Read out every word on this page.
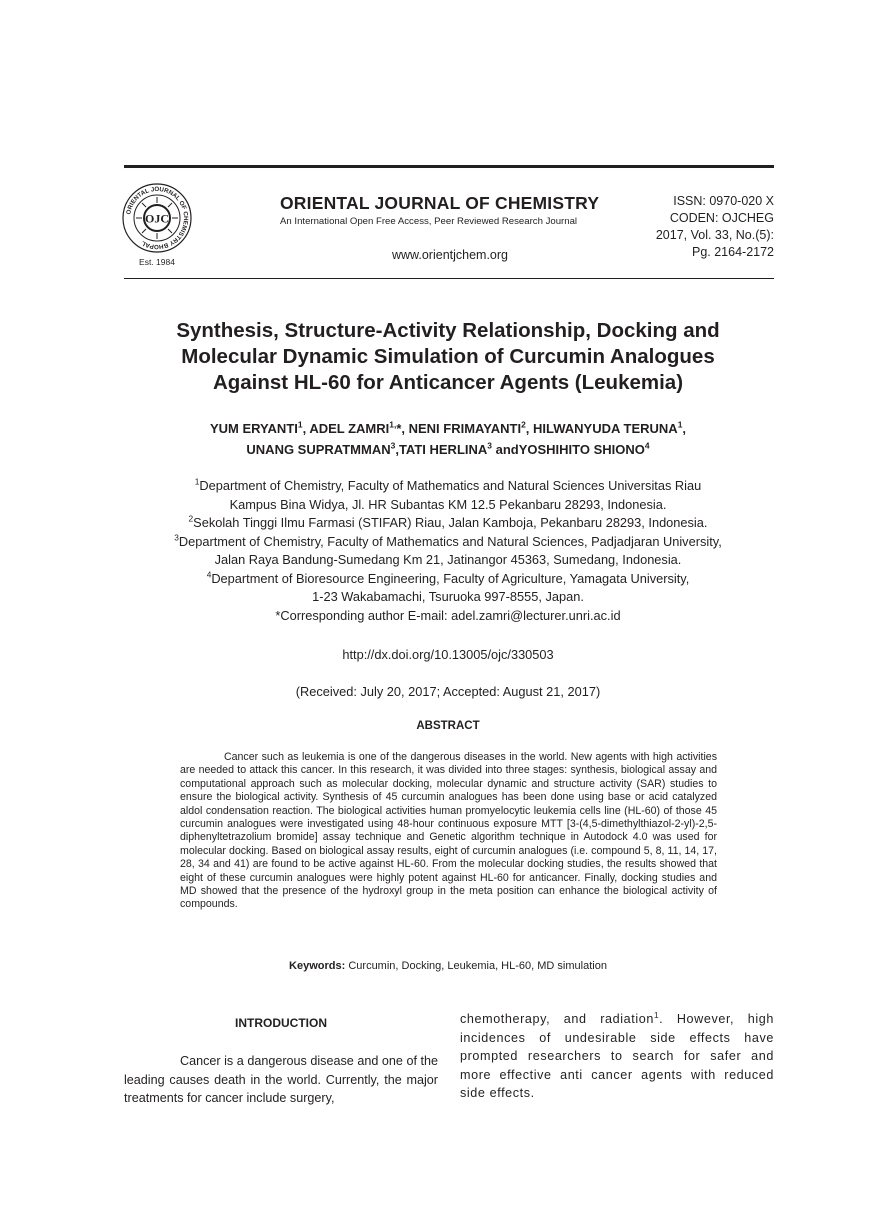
ORIENTAL JOURNAL OF CHEMISTRY BHOPAL
OJC
Est. 1984
ORIENTAL JOURNAL OF CHEMISTRY
An International Open Free Access, Peer Reviewed Research Journal
www.orientjchem.org
ISSN: 0970-020 X
CODEN: OJCHEG
2017, Vol. 33, No.(5):
Pg. 2164-2172
Synthesis, Structure-Activity Relationship, Docking and
Molecular Dynamic Simulation of Curcumin Analogues
Against HL-60 for Anticancer Agents (Leukemia)
YUM ERYANTI$^1$, ADEL $ZAMRI^{1,}*$, NENI FRIMAYANTI$^2$, HILWANYUDA TERUNA$^1$,
UNANG SUPRATMMAN$^3$,TATI HERLINA$^3$ andYOSHIHITO SHIONO$^4$
$^1$Department of Chemistry, Faculty of Mathematics and Natural Sciences Universitas Riau
Kampus Bina Widya, Jl. HR Subantas KM 12.5 Pekanbaru 28293, Indonesia.
$^2$Sekolah Tinggi Ilmu Farmasi (STIFAR) Riau, Jalan Kamboja, Pekanbaru 28293, Indonesia.
$^3$Department of Chemistry, Faculty of Mathematics and Natural Sciences, Padjadjaran University,
Jalan Raya Bandung-Sumedang Km 21, Jatinangor 45363, Sumedang, Indonesia.
$^4$Department of Bioresource Engineering, Faculty of Agriculture, Yamagata University,
1-23 Wakabamachi, Tsuruoka 997-8555, Japan.
*Corresponding author E-mail: adel.zamri@lecturer.unri.ac.id
http://dx.doi.org/10.13005/ojc/330503
(Received: July 20, 2017; Accepted: August 21, 2017)
ABSTRACT
Cancer such as leukemia is one of the dangerous diseases in the world. New agents with high activities are needed to attack this cancer. In this research, it was divided into three stages: synthesis, biological assay and computational approach such as molecular docking, molecular dynamic and structure activity (SAR) studies to ensure the biological activity. Synthesis of 45 curcumin analogues has been done using base or acid catalyzed aldol condensation reaction. The biological activities human promyelocytic leukemia cells line (HL-60) of those 45 curcumin analogues were investigated using 48-hour continuous exposure MTT [3-(4,5-dimethylthiazol-2-yl)-2,5-diphenyltetrazolium bromide] assay technique and Genetic algorithm technique in Autodock 4.0 was used for molecular docking. Based on biological assay results, eight of curcumin analogues (i.e. compound 5, 8, 11, 14, 17, 28, 34 and 41) are found to be active against HL-60. From the molecular docking studies, the results showed that eight of these curcumin analogues were highly potent against HL-60 for anticancer. Finally, docking studies and MD showed that the presence of the hydroxyl group in the meta position can enhance the biological activity of compounds.
Keywords: Curcumin, Docking, Leukemia, HL-60, MD simulation
INTRODUCTION
Cancer is a dangerous disease and one of the leading causes death in the world. Currently, the major treatments for cancer include surgery,
chemotherapy, and radiation$^1$. However, high incidences of undesirable side effects have prompted researchers to search for safer and more effective anti cancer agents with reduced side effects.
